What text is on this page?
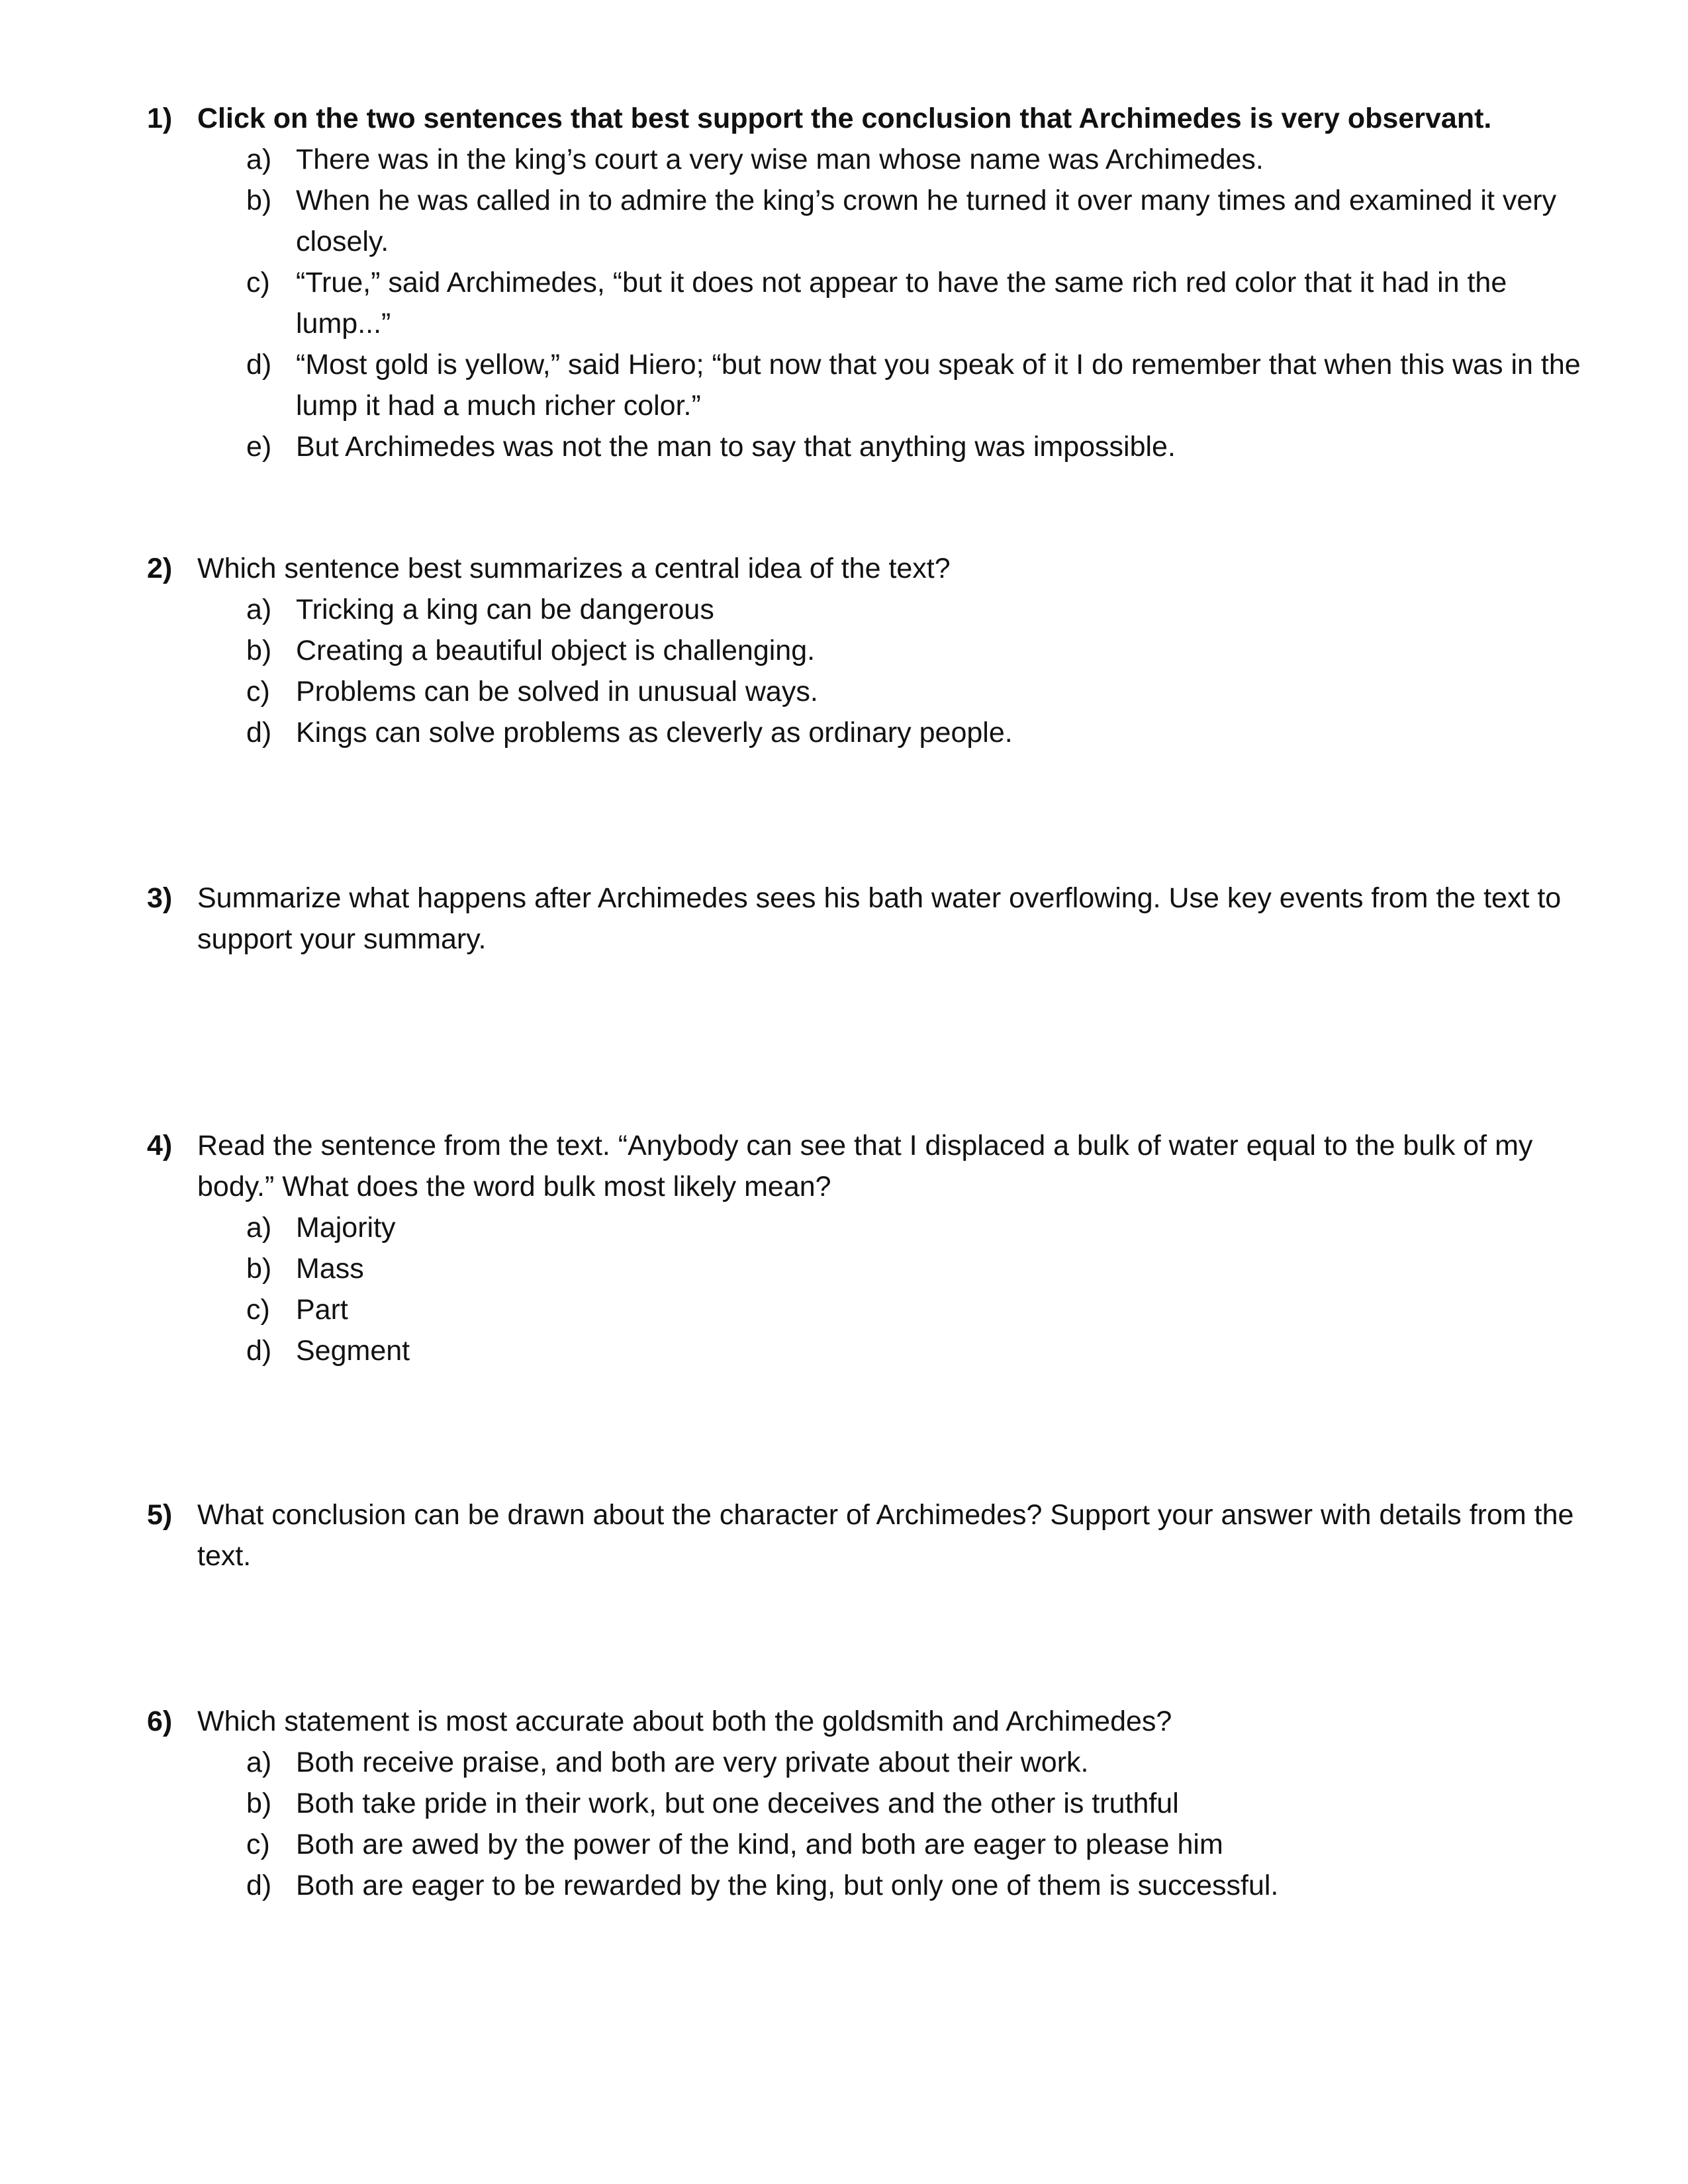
1) Click on the two sentences that best support the conclusion that Archimedes is very observant.
a) There was in the king’s court a very wise man whose name was Archimedes.
b) When he was called in to admire the king’s crown he turned it over many times and examined it very closely.
c) “True,” said Archimedes, “but it does not appear to have the same rich red color that it had in the lump...”
d) “Most gold is yellow,” said Hiero; “but now that you speak of it I do remember that when this was in the lump it had a much richer color.”
e) But Archimedes was not the man to say that anything was impossible.
2) Which sentence best summarizes a central idea of the text?
a) Tricking a king can be dangerous
b) Creating a beautiful object is challenging.
c) Problems can be solved in unusual ways.
d) Kings can solve problems as cleverly as ordinary people.
3) Summarize what happens after Archimedes sees his bath water overflowing. Use key events from the text to support your summary.
4) Read the sentence from the text. “Anybody can see that I displaced a bulk of water equal to the bulk of my body.” What does the word bulk most likely mean?
a) Majority
b) Mass
c) Part
d) Segment
5) What conclusion can be drawn about the character of Archimedes? Support your answer with details from the text.
6) Which statement is most accurate about both the goldsmith and Archimedes?
a) Both receive praise, and both are very private about their work.
b) Both take pride in their work, but one deceives and the other is truthful
c) Both are awed by the power of the kind, and both are eager to please him
d) Both are eager to be rewarded by the king, but only one of them is successful.
